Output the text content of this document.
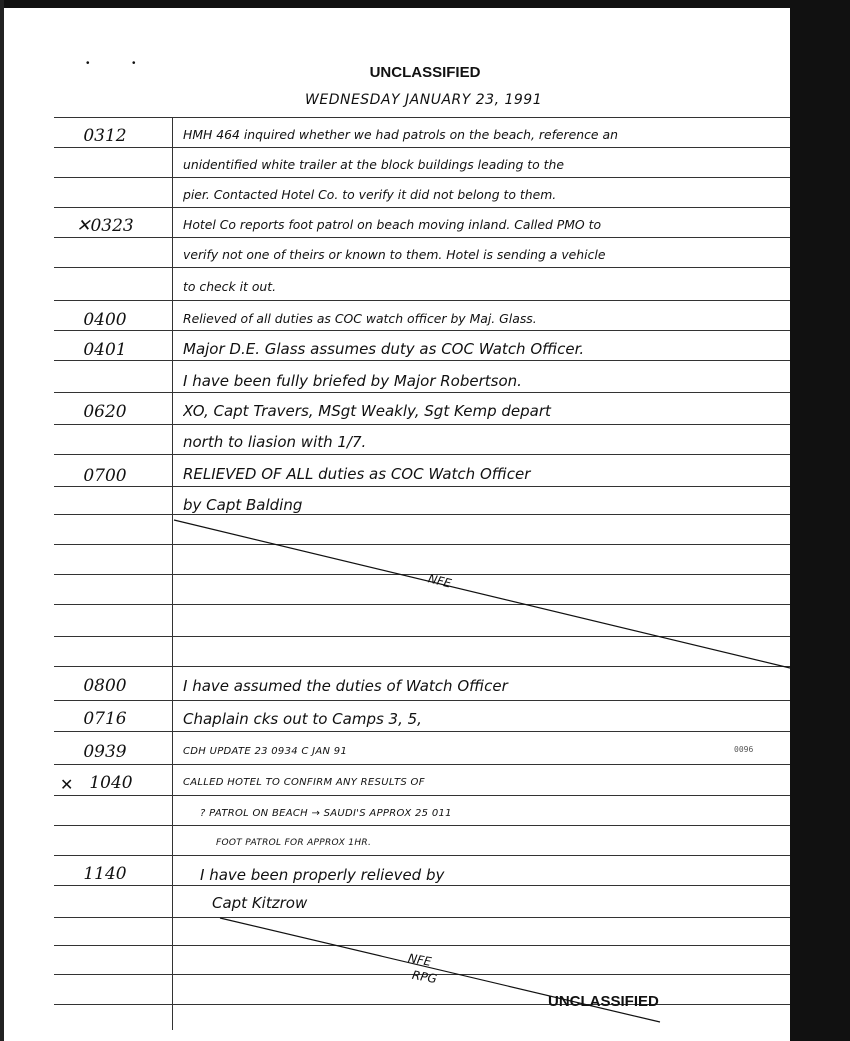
•	•
UNCLASSIFIED
WEDNESDAY JANUARY 23, 1991
0312
✕0323
0400
0401
0620
0700
0800
0716
0939
1040
1140
✕
HMH 464 inquired whether we had patrols on the beach, reference an
unidentified white trailer at the block buildings leading to the
pier. Contacted Hotel Co. to verify it did not belong to them.
Hotel Co reports foot patrol on beach moving inland. Called PMO to
verify not one of theirs or known to them. Hotel is sending a vehicle
to check it out.
Relieved of all duties as COC watch officer by Maj. Glass.
Major D.E. Glass assumes duty as COC Watch Officer.
I have been fully briefed by Major Robertson.
XO, Capt Travers, MSgt Weakly, Sgt Kemp depart
north to liasion with 1/7.
RELIEVED OF ALL duties as COC Watch Officer
by Capt Balding
I have assumed the duties of Watch Officer
Chaplain cks out to Camps 3, 5,
CDH UPDATE 23 0934 C JAN 91
CALLED HOTEL TO CONFIRM ANY RESULTS OF
? PATROL ON BEACH → SAUDI'S APPROX 25 011
FOOT PATROL FOR APPROX 1HR.
I have been properly relieved by
Capt Kitzrow
0096
NFE
NFE
RPG
UNCLASSIFIED
